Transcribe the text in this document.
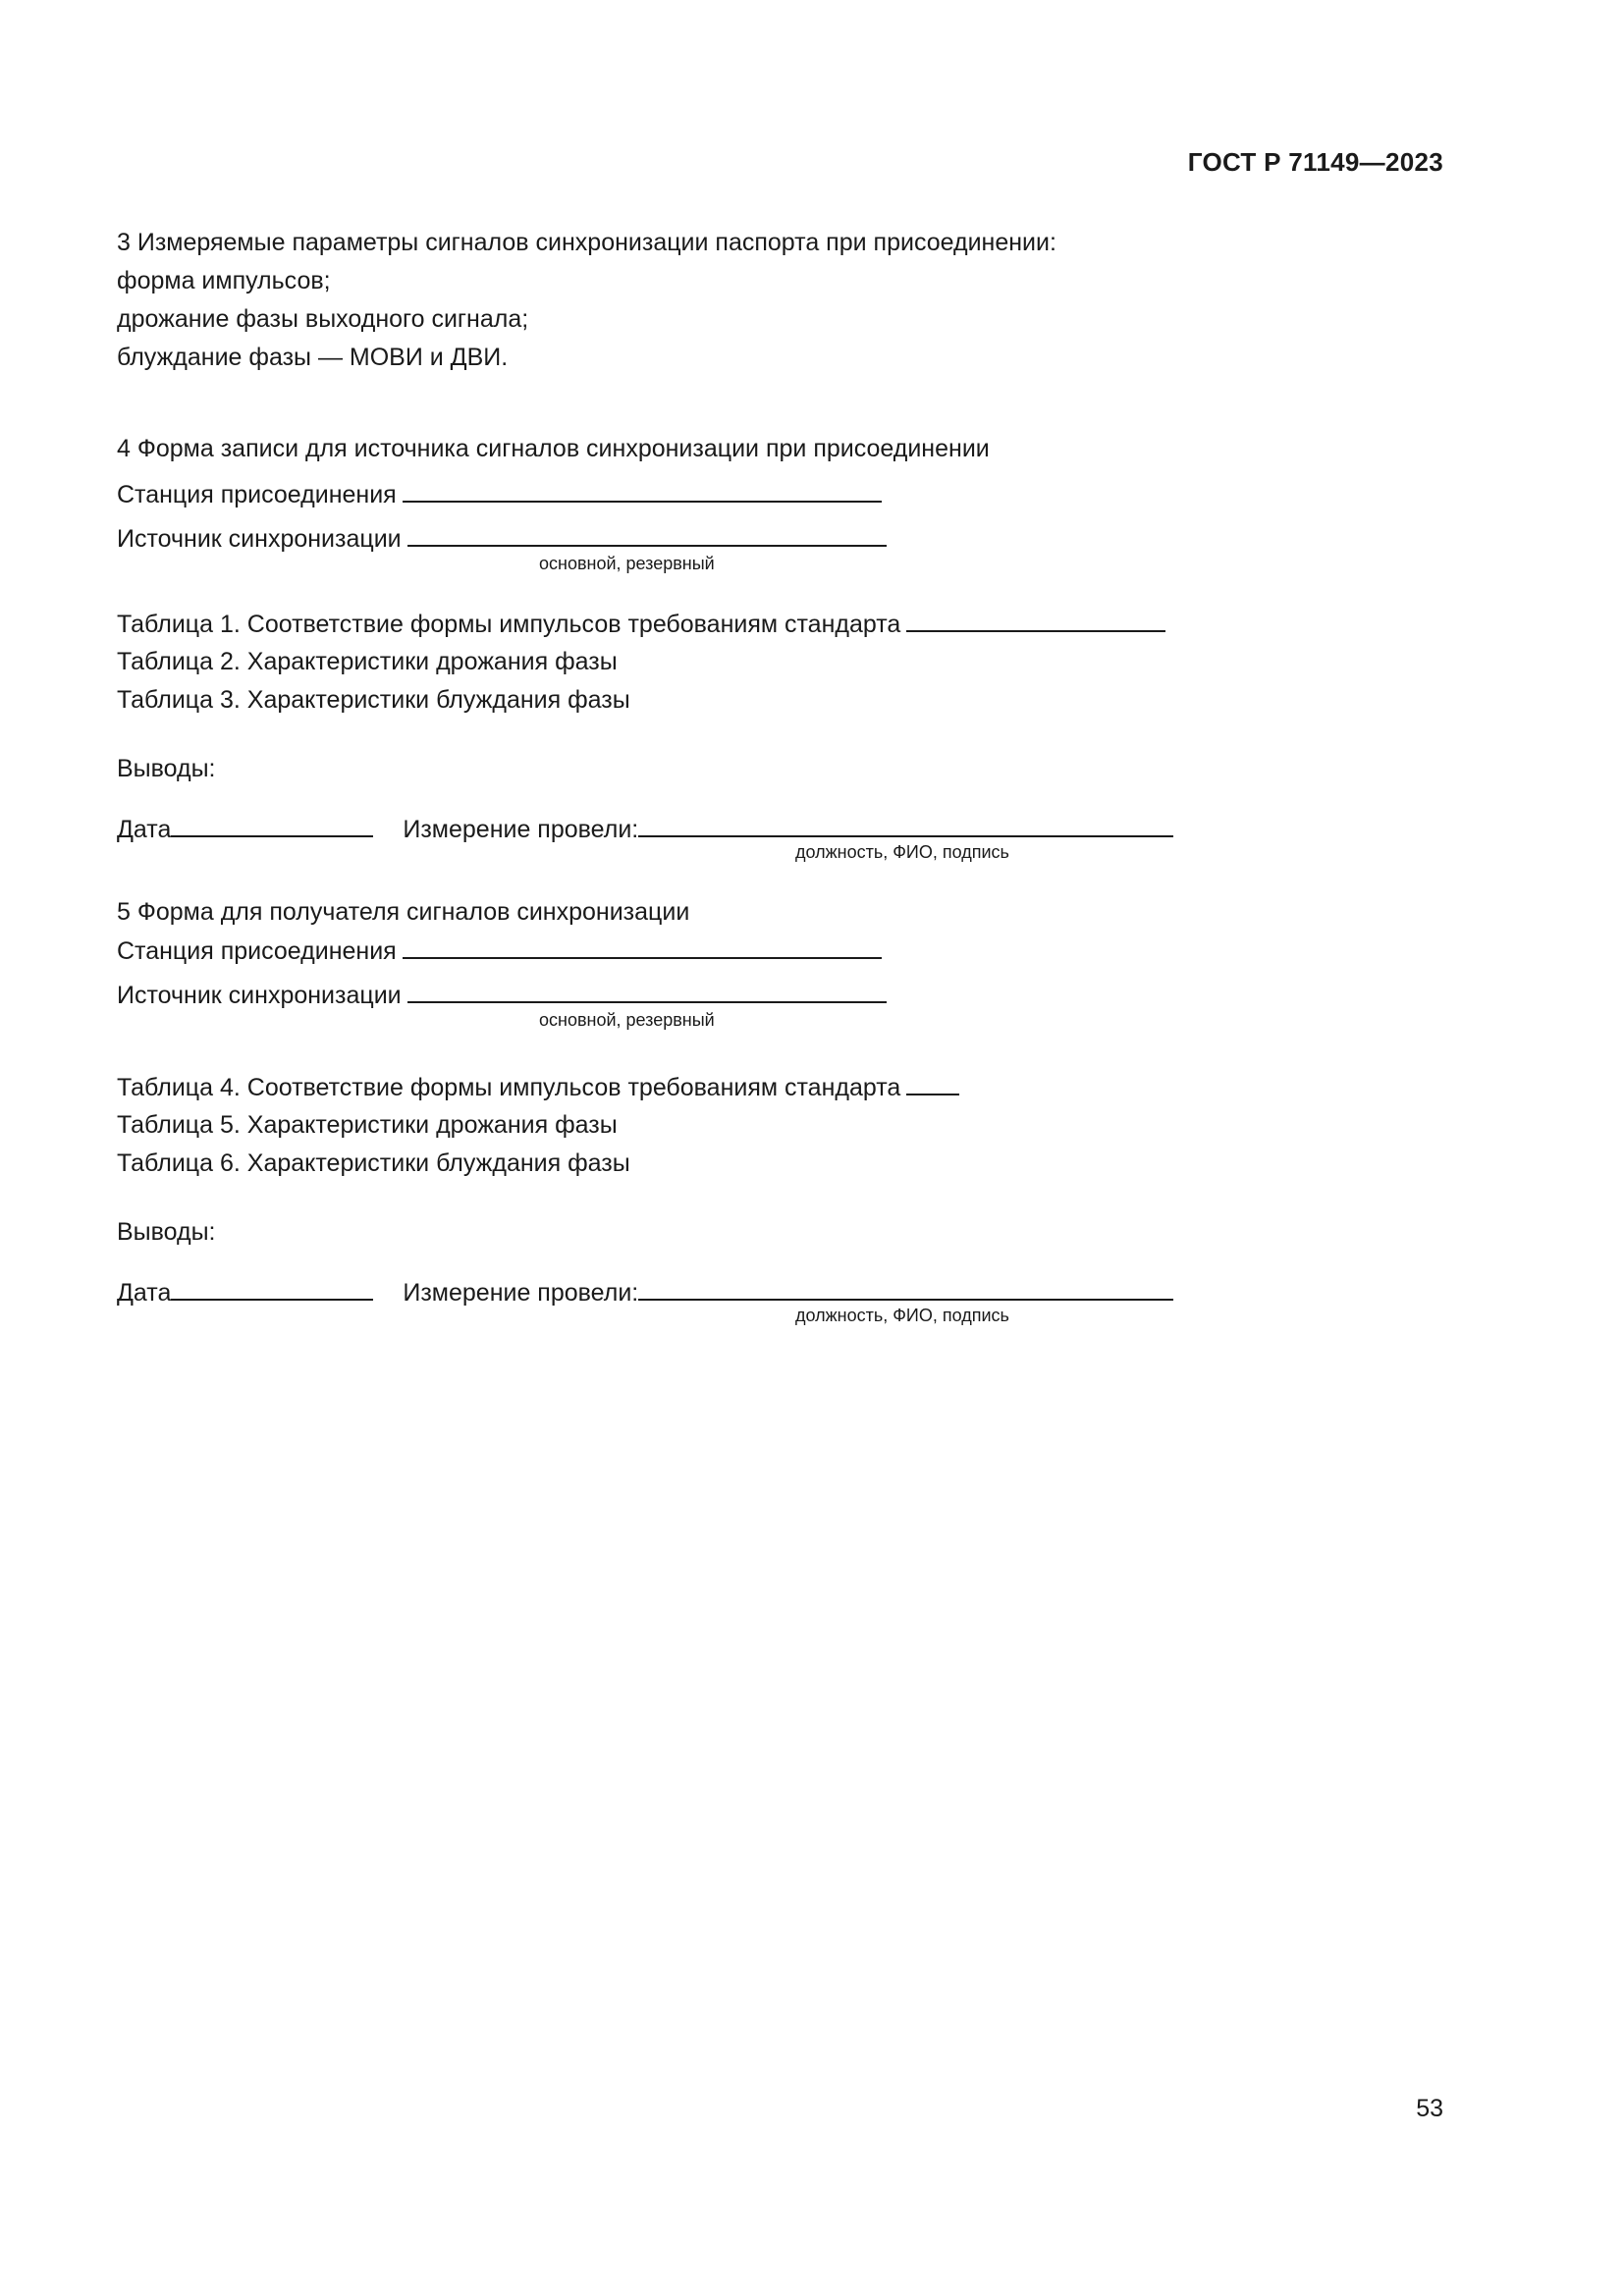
ГОСТ Р 71149—2023
3 Измеряемые параметры сигналов синхронизации паспорта при присоединении:
форма импульсов;
дрожание фазы выходного сигнала;
блуждание фазы — МОВИ и ДВИ.
4 Форма записи для источника сигналов синхронизации при присоединении
Станция присоединения
Источник синхронизации
основной, резервный
Таблица 1. Соответствие формы импульсов требованиям стандарта
Таблица 2. Характеристики дрожания фазы
Таблица 3. Характеристики блуждания фазы
Выводы:
Дата	Измерение провели:
должность, ФИО, подпись
5 Форма для получателя сигналов синхронизации
Станция присоединения
Источник синхронизации
основной, резервный
Таблица 4. Соответствие формы импульсов требованиям стандарта
Таблица 5. Характеристики дрожания фазы
Таблица 6. Характеристики блуждания фазы
Выводы:
Дата	Измерение провели:
должность, ФИО, подпись
53
